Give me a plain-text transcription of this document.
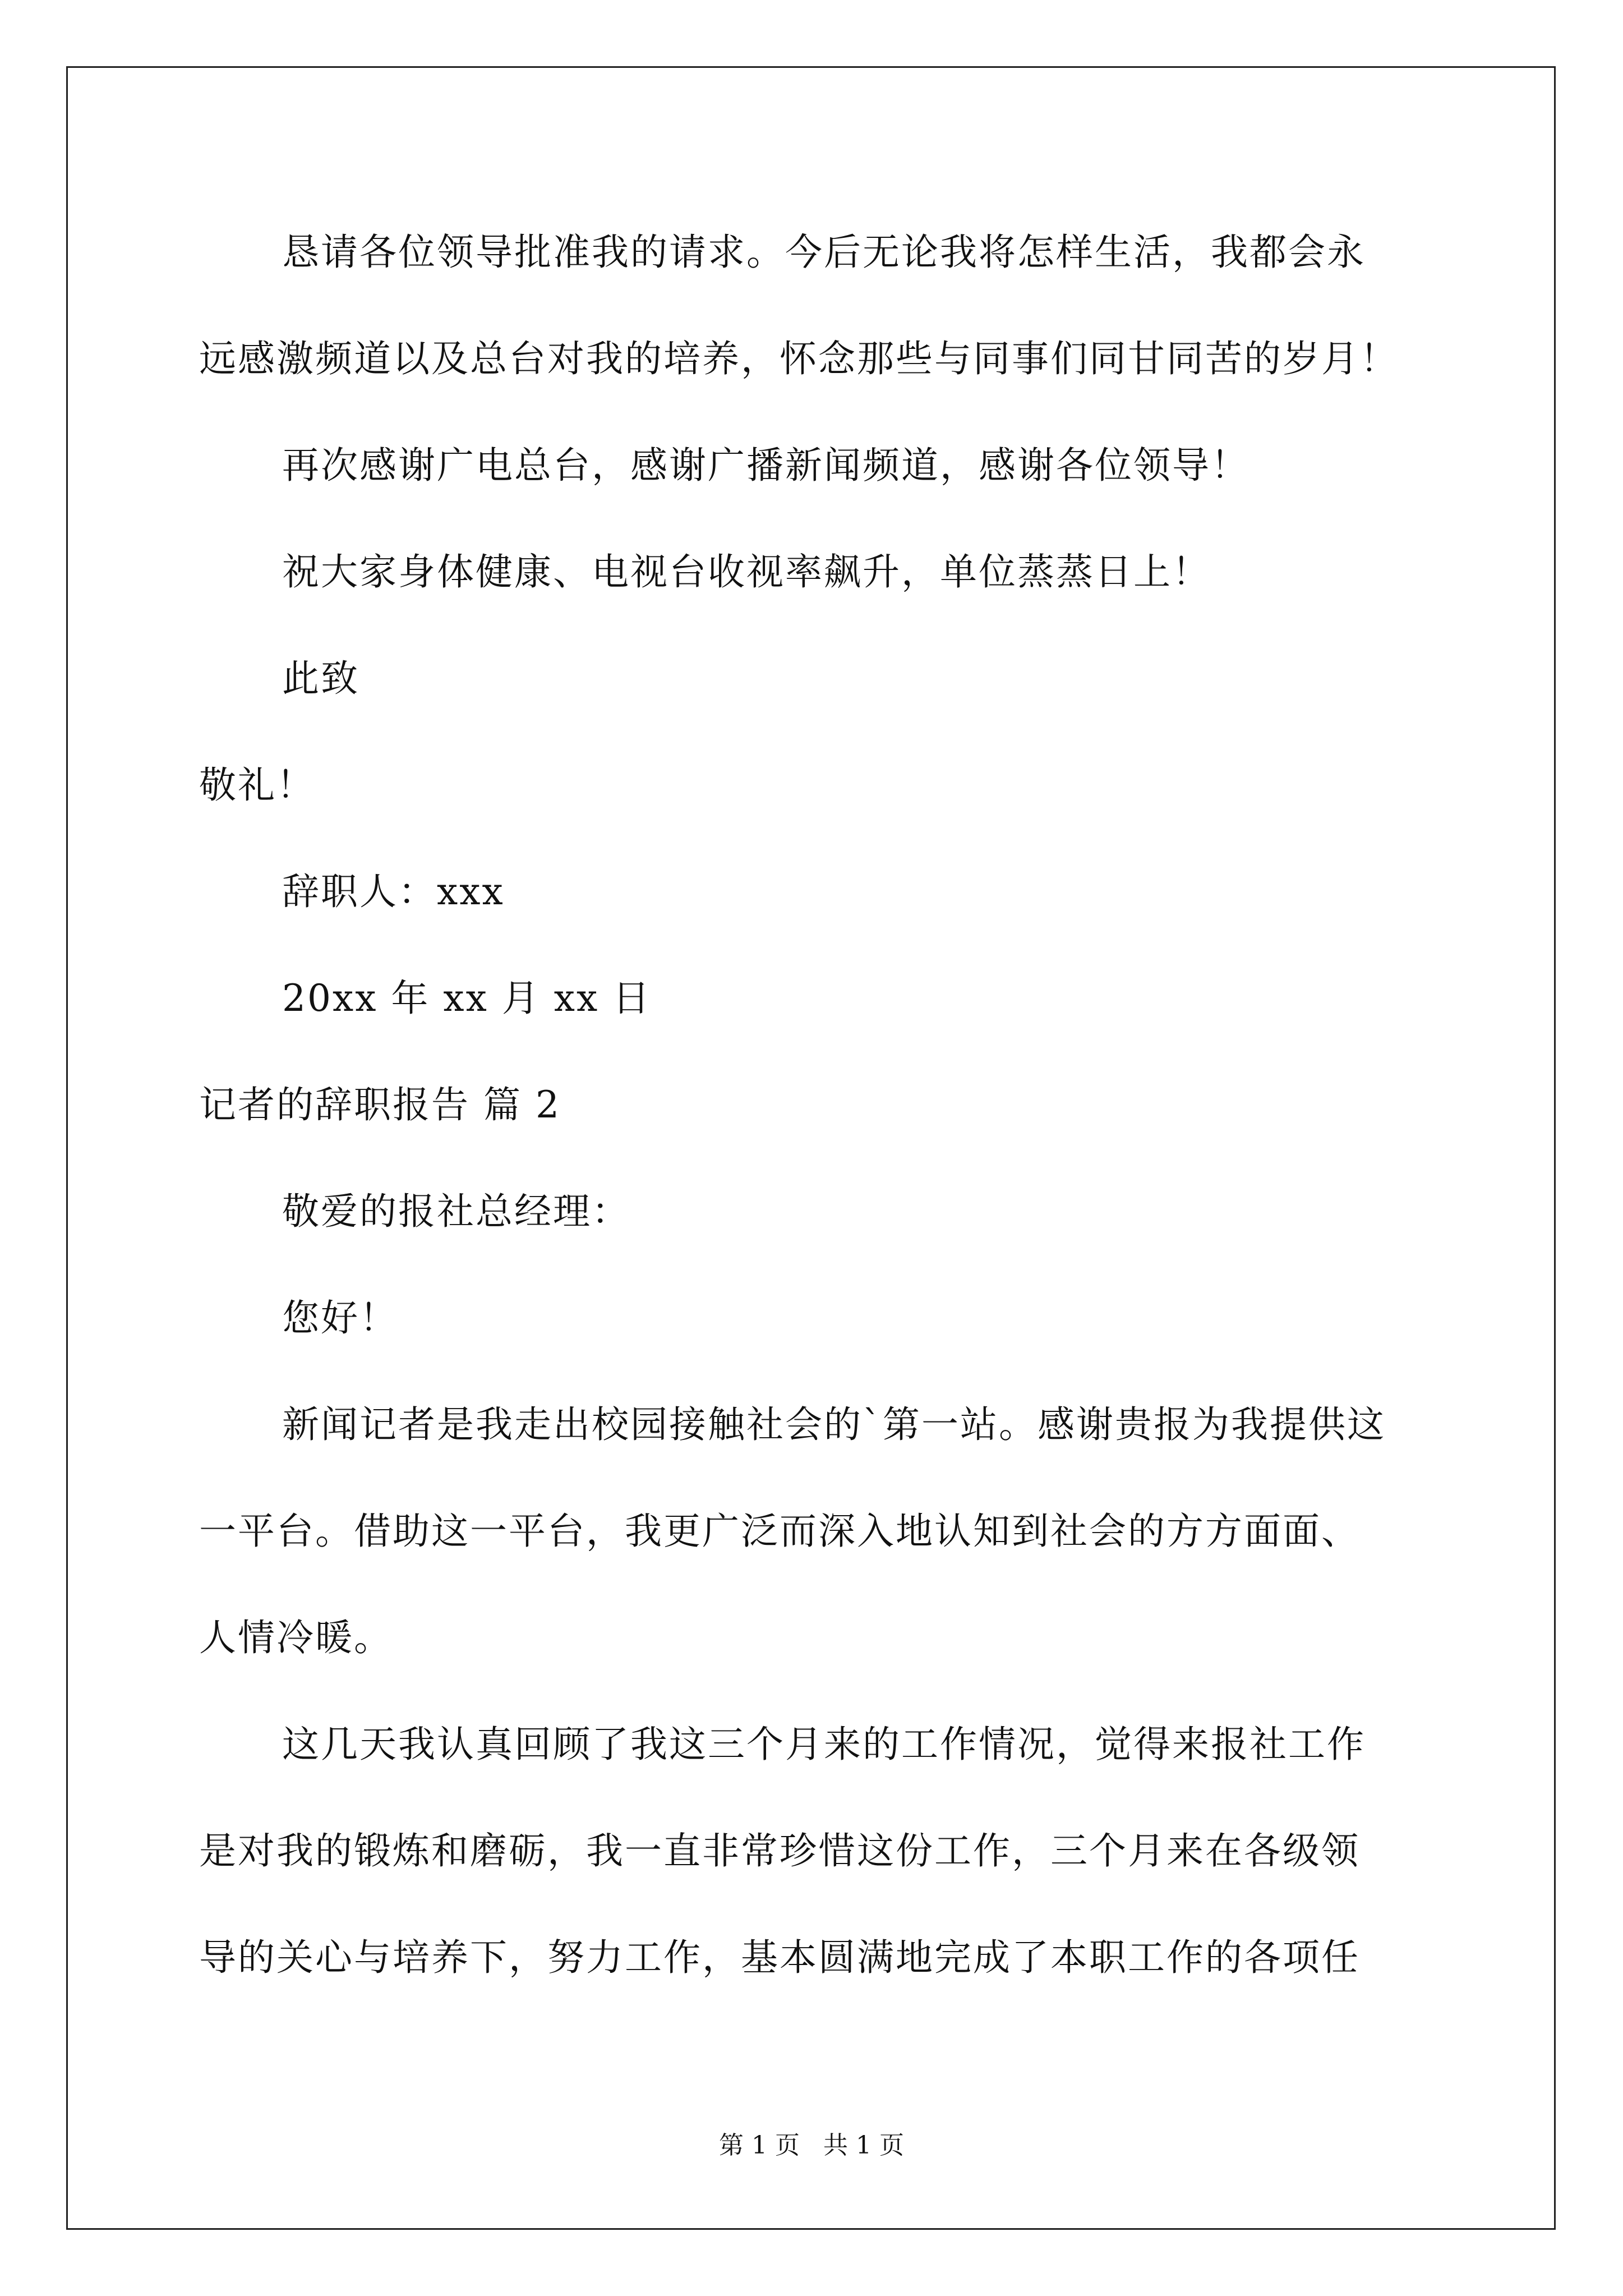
恳请各位领导批准我的请求。今后无论我将怎样生活，我都会永
远感激频道以及总台对我的培养，怀念那些与同事们同甘同苦的岁月！
再次感谢广电总台，感谢广播新闻频道，感谢各位领导！
祝大家身体健康、电视台收视率飙升，单位蒸蒸日上！
此致
敬礼！
辞职人：xxx
20xx 年 xx 月 xx 日
记者的辞职报告 篇 2
敬爱的报社总经理：
您好！
新闻记者是我走出校园接触社会的`第一站。感谢贵报为我提供这
一平台。借助这一平台，我更广泛而深入地认知到社会的方方面面、
人情冷暖。
这几天我认真回顾了我这三个月来的工作情况，觉得来报社工作
是对我的锻炼和磨砺，我一直非常珍惜这份工作，三个月来在各级领
导的关心与培养下，努力工作，基本圆满地完成了本职工作的各项任
第 1 页 共 1 页
